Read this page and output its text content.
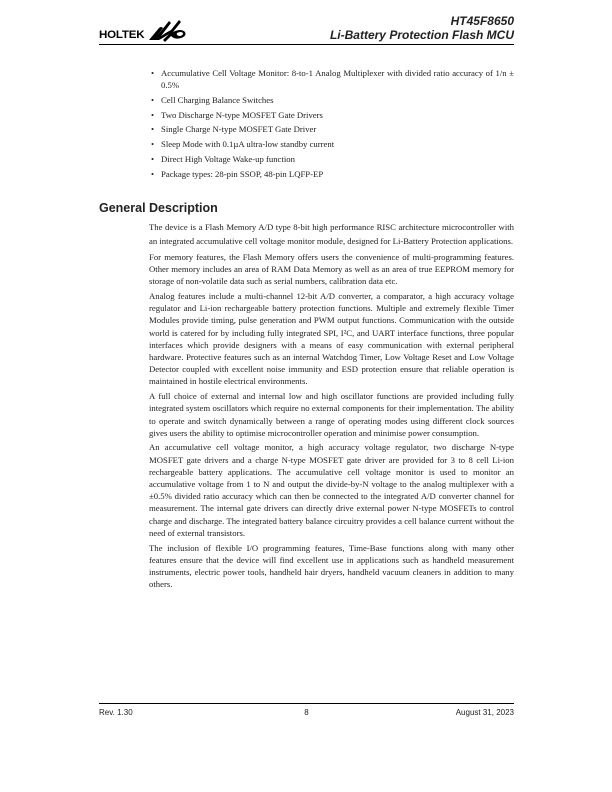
HOLTEK
HT45F8650
Li-Battery Protection Flash MCU
• Accumulative Cell Voltage Monitor: 8-to-1 Analog Multiplexer with divided ratio accuracy of 1/n ± 0.5%
• Cell Charging Balance Switches
• Two Discharge N-type MOSFET Gate Drivers
• Single Charge N-type MOSFET Gate Driver
• Sleep Mode with 0.1µA ultra-low standby current
• Direct High Voltage Wake-up function
• Package types: 28-pin SSOP, 48-pin LQFP-EP
General Description

The device is a Flash Memory A/D type 8-bit high performance RISC architecture microcontroller with an integrated accumulative cell voltage monitor module, designed for Li-Battery Protection applications.

For memory features, the Flash Memory offers users the convenience of multi-programming features. Other memory includes an area of RAM Data Memory as well as an area of true EEPROM memory for storage of non-volatile data such as serial numbers, calibration data etc.

Analog features include a multi-channel 12-bit A/D converter, a comparator, a high accuracy voltage regulator and Li-ion rechargeable battery protection functions. Multiple and extremely flexible Timer Modules provide timing, pulse generation and PWM output functions. Communication with the outside world is catered for by including fully integrated SPI, I²C, and UART interface functions, three popular interfaces which provide designers with a means of easy communication with external peripheral hardware. Protective features such as an internal Watchdog Timer, Low Voltage Reset and Low Voltage Detector coupled with excellent noise immunity and ESD protection ensure that reliable operation is maintained in hostile electrical environments.

A full choice of external and internal low and high oscillator functions are provided including fully integrated system oscillators which require no external components for their implementation. The ability to operate and switch dynamically between a range of operating modes using different clock sources gives users the ability to optimise microcontroller operation and minimise power consumption.

An accumulative cell voltage monitor, a high accuracy voltage regulator, two discharge N-type MOSFET gate drivers and a charge N-type MOSFET gate driver are provided for 3 to 8 cell Li-ion rechargeable battery applications. The accumulative cell voltage monitor is used to monitor an accumulative voltage from 1 to N and output the divide-by-N voltage to the analog multiplexer with a ±0.5% divided ratio accuracy which can then be connected to the integrated A/D converter channel for measurement. The internal gate drivers can directly drive external power N-type MOSFETs to control charge and discharge. The integrated battery balance circuitry provides a cell balance current without the need of external transistors.

The inclusion of flexible I/O programming features, Time-Base functions along with many other features ensure that the device will find excellent use in applications such as handheld measurement instruments, electric power tools, handheld hair dryers, handheld vacuum cleaners in addition to many others.

Rev. 1.30	8	August 31, 2023
